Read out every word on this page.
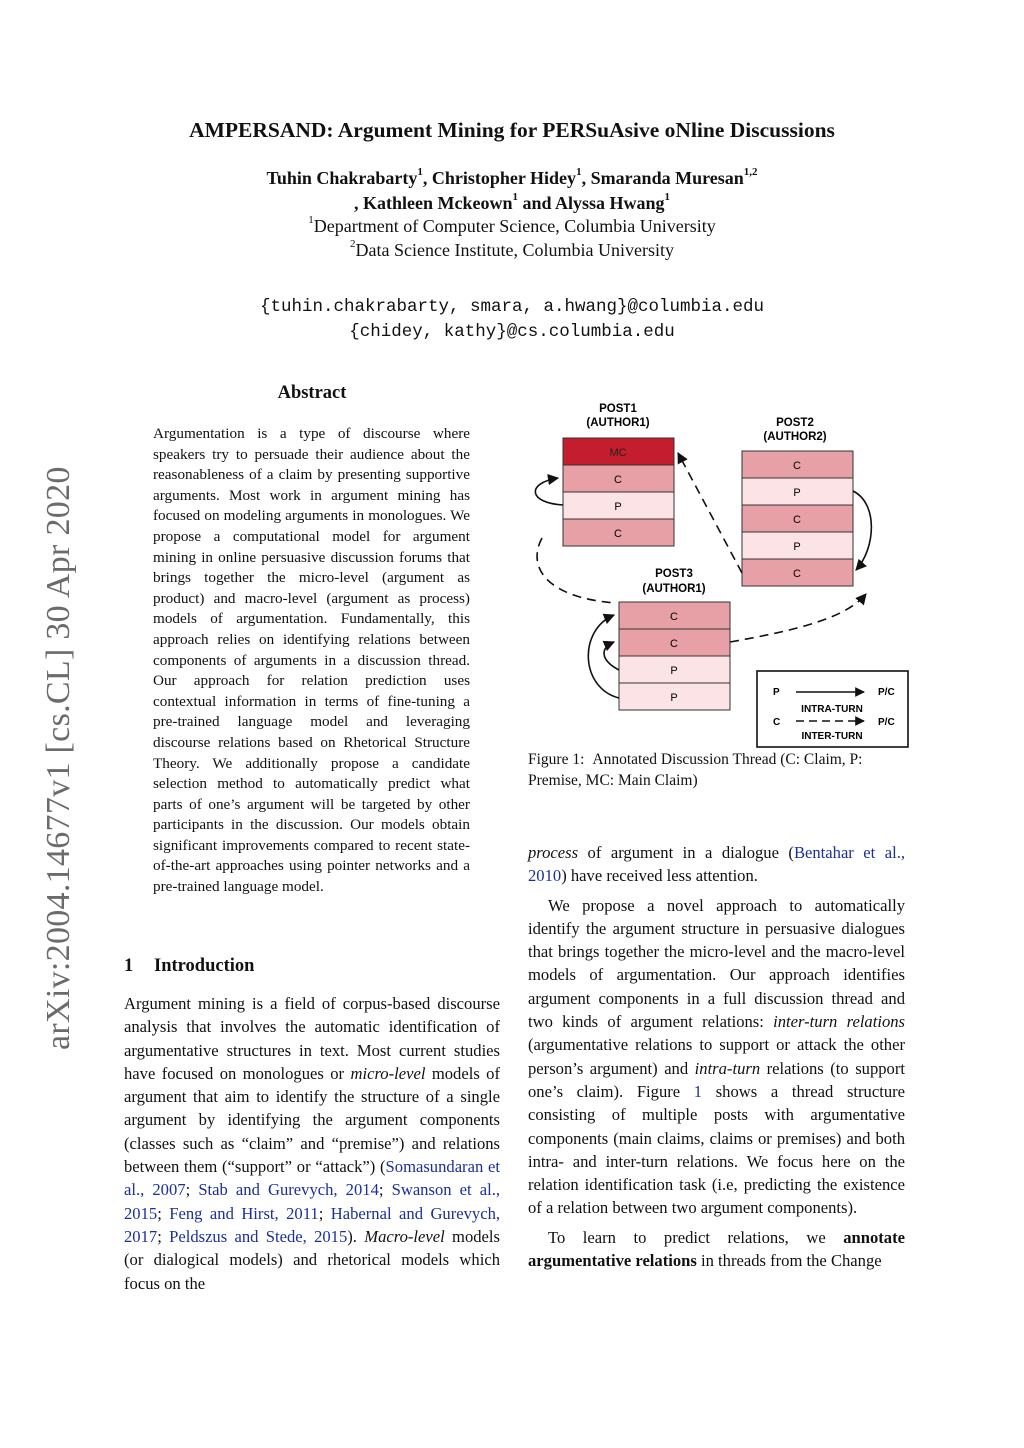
AMPERSAND: Argument Mining for PERSuAsive oNline Discussions
Tuhin Chakrabarty$^1$, Christopher Hidey$^1$, Smaranda Muresan$^{1,2}$
, Kathleen Mckeown$^1$ and Alyssa Hwang$^1$
$^1$Department of Computer Science, Columbia University
$^2$Data Science Institute, Columbia University
{tuhin.chakrabarty, smara, a.hwang}@columbia.edu
{chidey, kathy}@cs.columbia.edu
arXiv:2004.14677v1 [cs.CL] 30 Apr 2020
Abstract
Argumentation is a type of discourse where speakers try to persuade their audience about the reasonableness of a claim by presenting supportive arguments. Most work in argument mining has focused on modeling arguments in monologues. We propose a computational model for argument mining in online persuasive discussion forums that brings together the micro-level (argument as product) and macro-level (argument as process) models of argumentation. Fundamentally, this approach relies on identifying relations between components of arguments in a discussion thread. Our approach for relation prediction uses contextual information in terms of fine-tuning a pre-trained language model and leveraging discourse relations based on Rhetorical Structure Theory. We additionally propose a candidate selection method to automatically predict what parts of one’s argument will be targeted by other participants in the discussion. Our models obtain significant improvements compared to recent state-of-the-art approaches using pointer networks and a pre-trained language model.
1 Introduction

Argument mining is a field of corpus-based discourse analysis that involves the automatic identification of argumentative structures in text. Most current studies have focused on monologues or micro-level models of argument that aim to identify the structure of a single argument by identifying the argument components (classes such as “claim” and “premise”) and relations between them (“support” or “attack”) (Somasundaran et al., 2007; Stab and Gurevych, 2014; Swanson et al., 2015; Feng and Hirst, 2011; Habernal and Gurevych, 2017; Peldszus and Stede, 2015). Macro-level models (or dialogical models) and rhetorical models which focus on the

POST1
(AUTHOR1)	POST2
(AUTHOR2)
POST3
(AUTHOR1)
MC
C
P
C
C
P
C
P
C
C
C
P
P	P	P/C
INTRA-TURN
C	P/C
INTER-TURN
Figure 1: Annotated Discussion Thread (C: Claim, P: Premise, MC: Main Claim)

process of argument in a dialogue (Bentahar et al., 2010) have received less attention.

We propose a novel approach to automatically identify the argument structure in persuasive dialogues that brings together the micro-level and the macro-level models of argumentation. Our approach identifies argument components in a full discussion thread and two kinds of argument relations: inter-turn relations (argumentative relations to support or attack the other person’s argument) and intra-turn relations (to support one’s claim). Figure 1 shows a thread structure consisting of multiple posts with argumentative components (main claims, claims or premises) and both intra- and inter-turn relations. We focus here on the relation identification task (i.e, predicting the existence of a relation between two argument components).

To learn to predict relations, we annotate argumentative relations in threads from the Change
